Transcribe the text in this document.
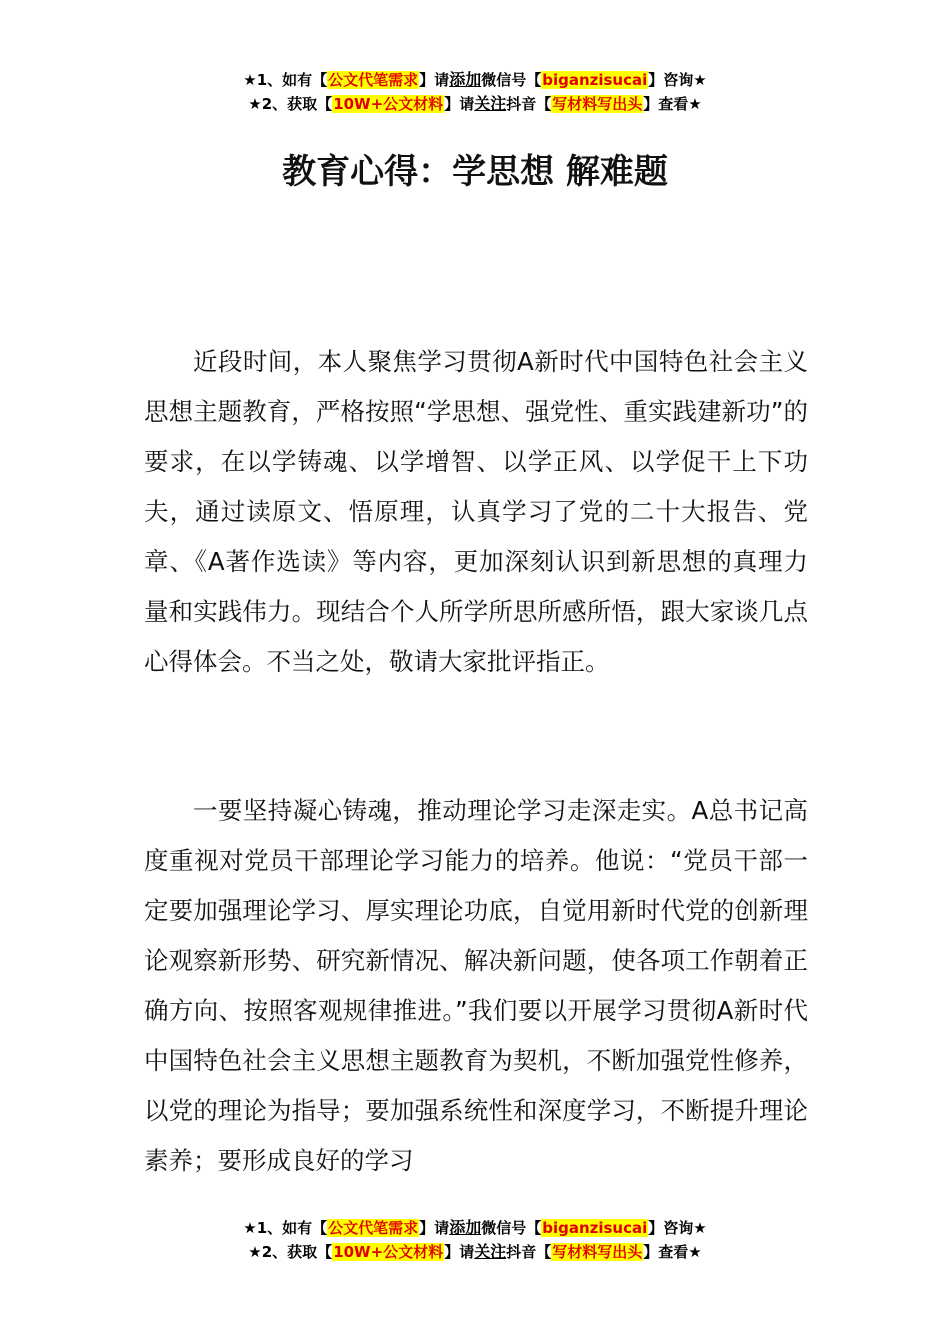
★1、如有【公文代笔需求】请添加微信号【biganzisucai】咨询★
★2、获取【10W+公文材料】请关注抖音【写材料写出头】查看★
教育心得：学思想 解难题

近段时间，本人聚焦学习贯彻A新时代中国特色社会主义思想主题教育，严格按照“学思想、强党性、重实践建新功”的要求，在以学铸魂、以学增智、以学正风、以学促干上下功夫，通过读原文、悟原理，认真学习了党的二十大报告、党章、《A著作选读》等内容，更加深刻认识到新思想的真理力量和实践伟力。现结合个人所学所思所感所悟，跟大家谈几点心得体会。不当之处，敬请大家批评指正。

一要坚持凝心铸魂，推动理论学习走深走实。A总书记高度重视对党员干部理论学习能力的培养。他说：“党员干部一定要加强理论学习、厚实理论功底，自觉用新时代党的创新理论观察新形势、研究新情况、解决新问题，使各项工作朝着正确方向、按照客观规律推进。”我们要以开展学习贯彻A新时代中国特色社会主义思想主题教育为契机，不断加强党性修养，以党的理论为指导；要加强系统性和深度学习，不断提升理论素养；要形成良好的学习

★1、如有【公文代笔需求】请添加微信号【biganzisucai】咨询★
★2、获取【10W+公文材料】请关注抖音【写材料写出头】查看★
